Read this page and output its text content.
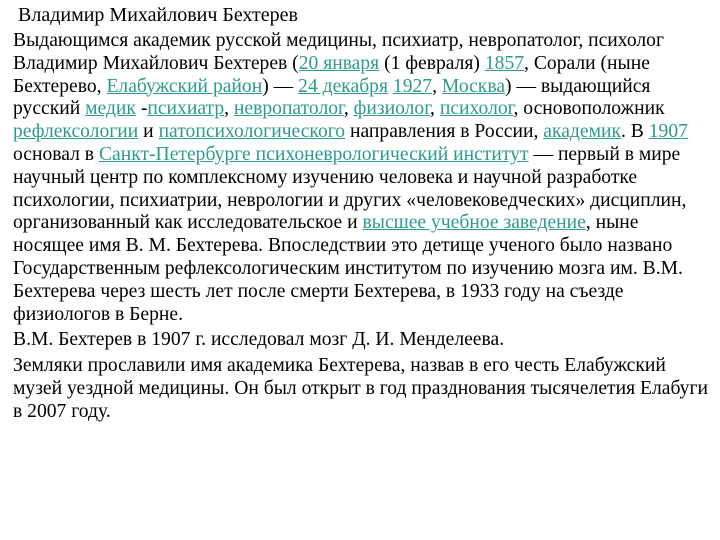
Владимир Михайлович Бехтерев

Выдающимся академик русской медицины, психиатр, невропатолог, психолог Владимир Михайлович Бехтерев (20 января (1 февраля) 1857, Сорали (ныне Бехтерево, Елабужский район) — 24 декабря 1927, Москва) — выдающийся русский медик -психиатр, невропатолог, физиолог, психолог, основоположник рефлексологии и патопсихологического направления в России, академик. В 1907 основал в Санкт-Петербурге психоневрологический институт — первый в мире научный центр по комплексному изучению человека и научной разработке психологии, психиатрии, неврологии и других «человековедческих» дисциплин, организованный как исследовательское и высшее учебное заведение, ныне носящее имя В. М. Бехтерева. Впоследствии это детище ученого было названо Государственным рефлексологическим институтом по изучению мозга им. В.М. Бехтерева через шесть лет после смерти Бехтерева, в 1933 году на съезде физиологов в Берне.

В.М. Бехтерев в 1907 г. исследовал мозг Д. И. Менделеева.

Земляки прославили имя академика Бехтерева, назвав в его честь Елабужский музей уездной медицины. Он был открыт в год празднования тысячелетия Елабуги в 2007 году.
